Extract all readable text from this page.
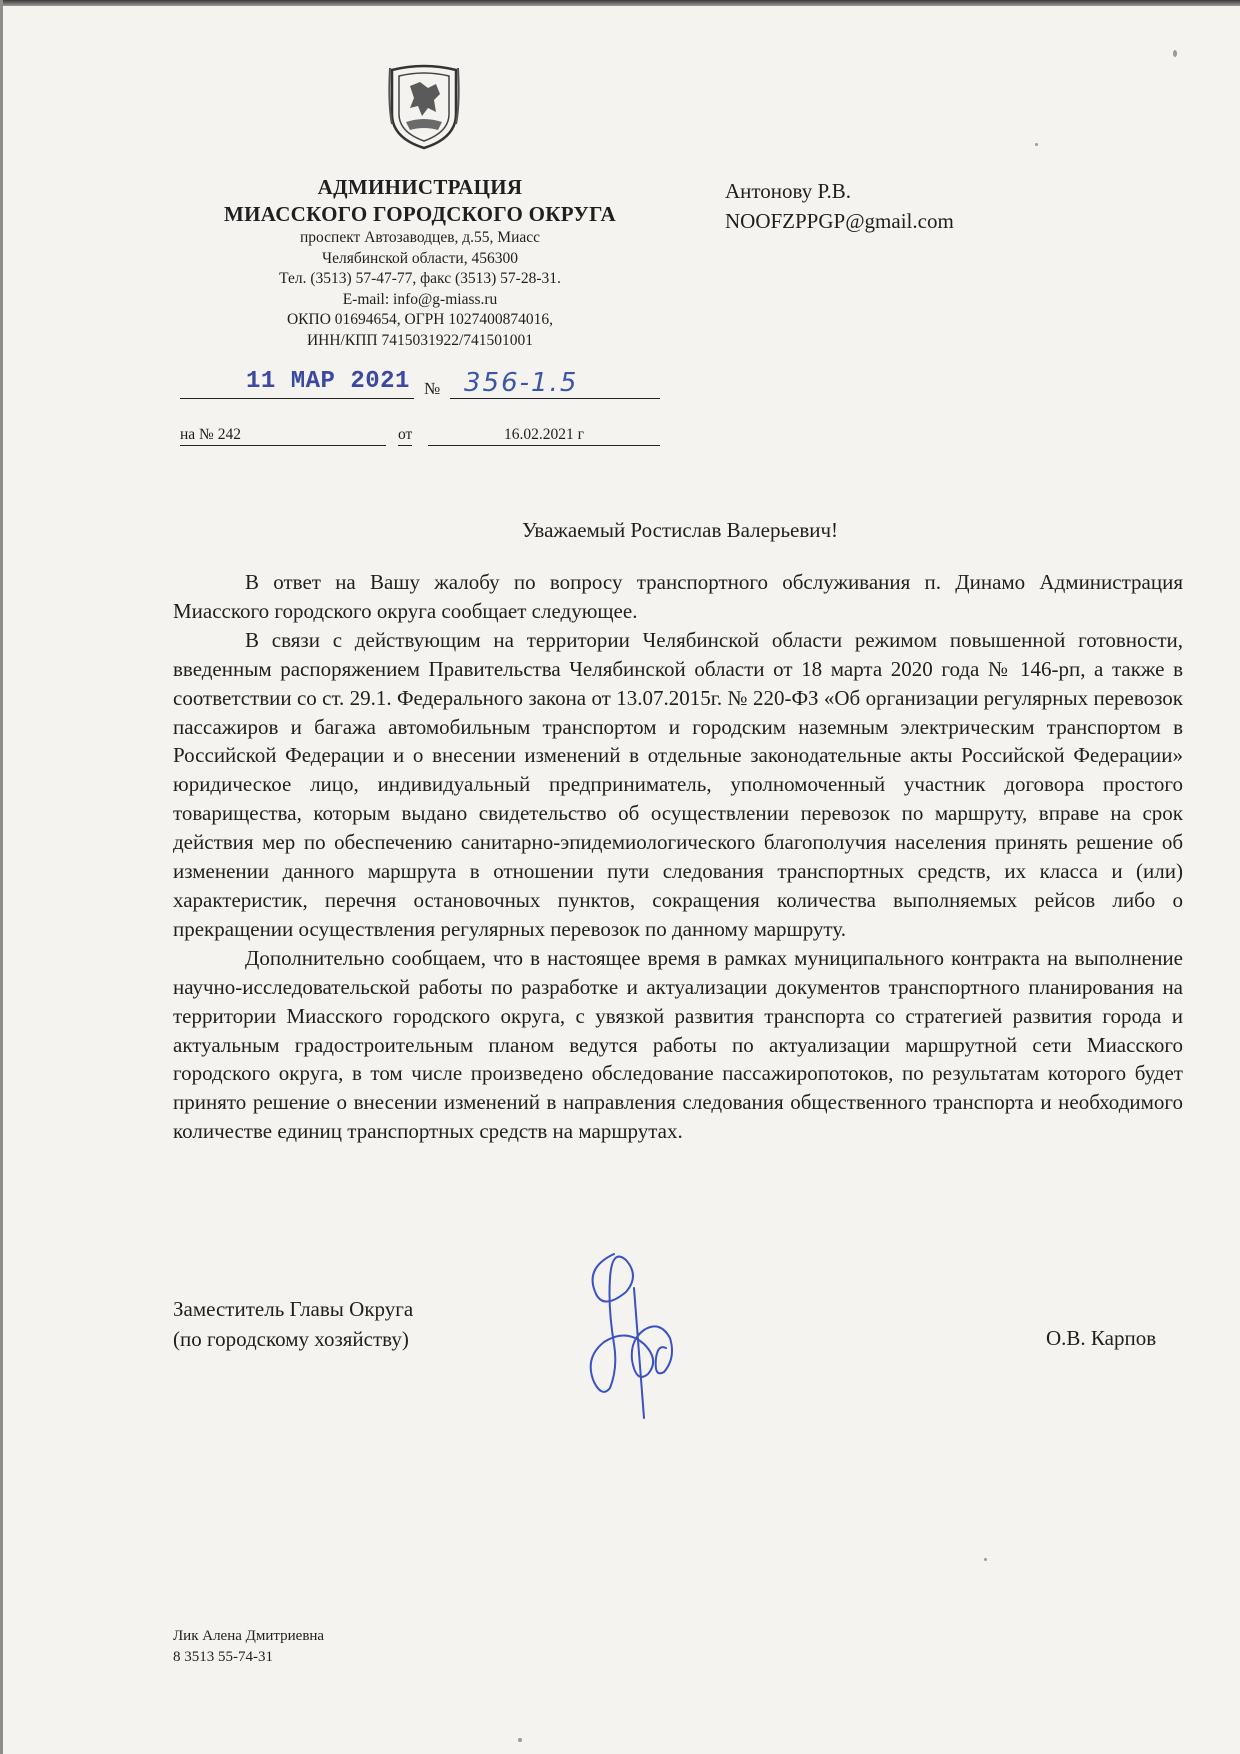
АДМИНИСТРАЦИЯ
МИАССКОГО ГОРОДСКОГО ОКРУГА
проспект Автозаводцев, д.55, Миасс
Челябинской области, 456300
Тел. (3513) 57-47-77, факс (3513) 57-28-31.
E-mail: info@g-miass.ru
ОКПО 01694654, ОГРН 1027400874016,
ИНН/КПП 7415031922/741501001
Антонову Р.В.
NOOFZPPGP@gmail.com
11 МАР 2021 № 356-1.5
на № 242	от	16.02.2021 г
Уважаемый Ростислав Валерьевич!

В ответ на Вашу жалобу по вопросу транспортного обслуживания п. Динамо Администрация Миасского городского округа сообщает следующее.

В связи с действующим на территории Челябинской области режимом повышенной готовности, введенным распоряжением Правительства Челябинской области от 18 марта 2020 года № 146-рп, а также в соответствии со ст. 29.1. Федерального закона от 13.07.2015г. № 220-ФЗ «Об организации регулярных перевозок пассажиров и багажа автомобильным транспортом и городским наземным электрическим транспортом в Российской Федерации и о внесении изменений в отдельные законодательные акты Российской Федерации» юридическое лицо, индивидуальный предприниматель, уполномоченный участник договора простого товарищества, которым выдано свидетельство об осуществлении перевозок по маршруту, вправе на срок действия мер по обеспечению санитарно-эпидемиологического благополучия населения принять решение об изменении данного маршрута в отношении пути следования транспортных средств, их класса и (или) характеристик, перечня остановочных пунктов, сокращения количества выполняемых рейсов либо о прекращении осуществления регулярных перевозок по данному маршруту.

Дополнительно сообщаем, что в настоящее время в рамках муниципального контракта на выполнение научно-исследовательской работы по разработке и актуализации документов транспортного планирования на территории Миасского городского округа, с увязкой развития транспорта со стратегией развития города и актуальным градостроительным планом ведутся работы по актуализации маршрутной сети Миасского городского округа, в том числе произведено обследование пассажиропотоков, по результатам которого будет принято решение о внесении изменений в направления следования общественного транспорта и необходимого количестве единиц транспортных средств на маршрутах.

Заместитель Главы Округа
(по городскому хозяйству)	О.В. Карпов
Лик Алена Дмитриевна
8 3513 55-74-31
